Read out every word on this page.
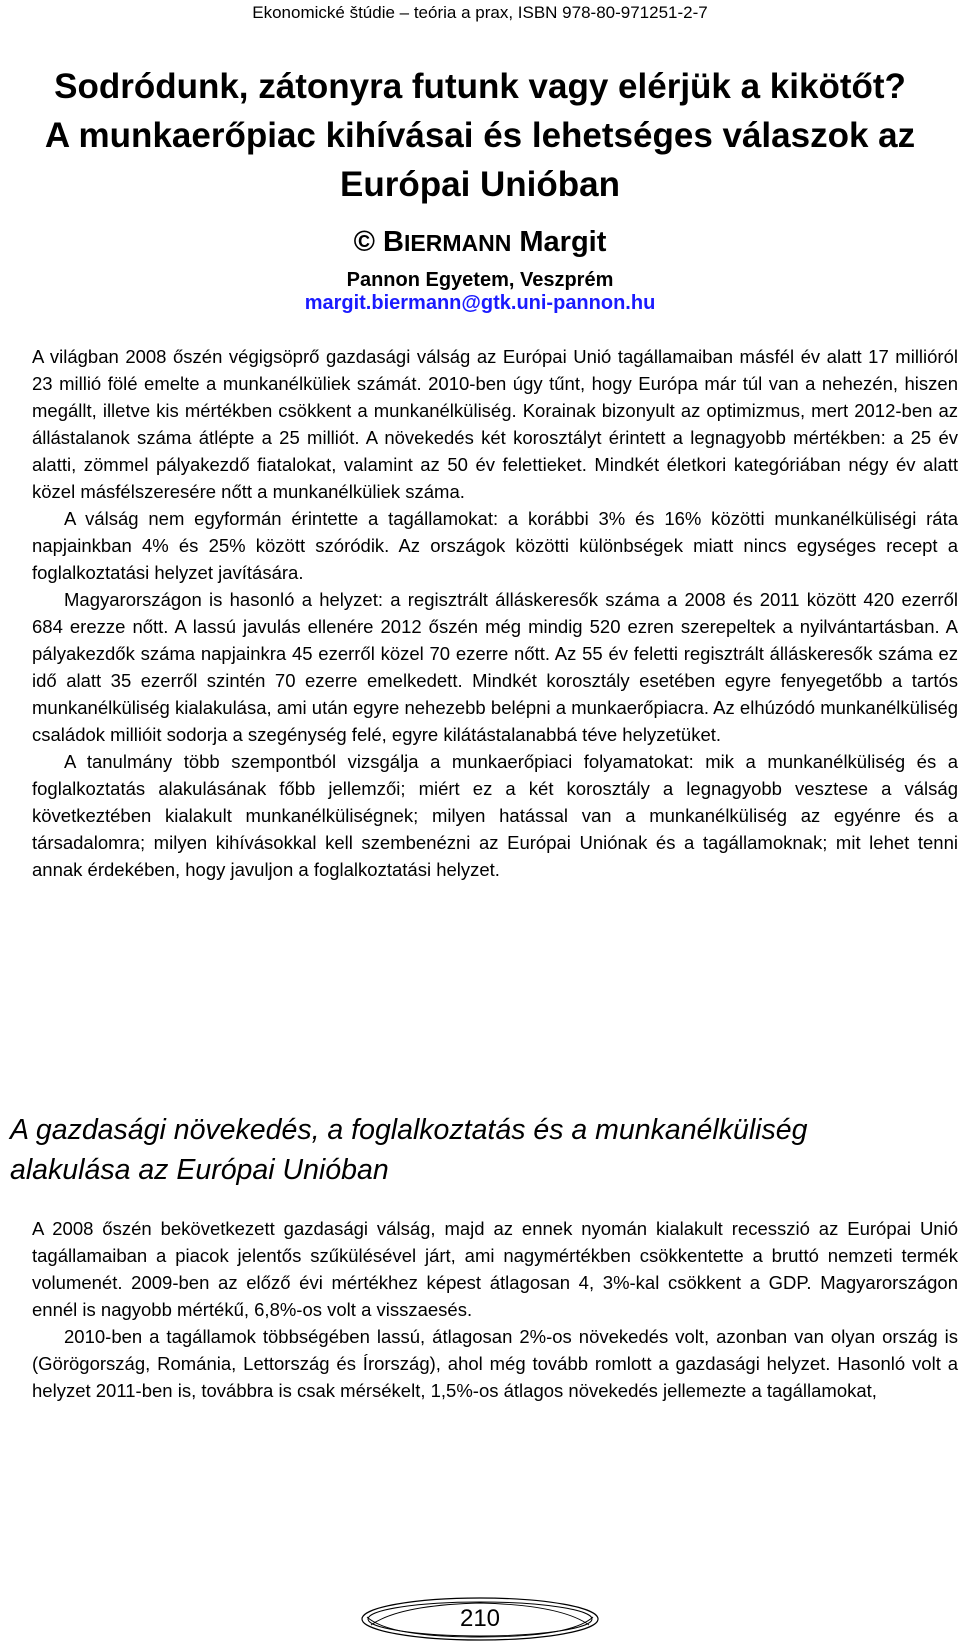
Ekonomické štúdie – teória a prax, ISBN 978-80-971251-2-7
Sodródunk, zátonyra futunk vagy elérjük a kikötőt?
A munkaerőpiac kihívásai és lehetséges válaszok az
Európai Unióban
© BIERMANN Margit
Pannon Egyetem, Veszprém
margit.biermann@gtk.uni-pannon.hu

A világban 2008 őszén végigsöprő gazdasági válság az Európai Unió tagállamaiban másfél év alatt 17 millióról 23 millió fölé emelte a munkanélküliek számát. 2010-ben úgy tűnt, hogy Európa már túl van a nehezén, hiszen megállt, illetve kis mértékben csökkent a munkanélküliség. Korainak bizonyult az optimizmus, mert 2012-ben az állástalanok száma átlépte a 25 milliót. A növekedés két korosztályt érintett a legnagyobb mértékben: a 25 év alatti, zömmel pályakezdő fiatalokat, valamint az 50 év felettieket. Mindkét életkori kategóriában négy év alatt közel másfélszeresére nőtt a munkanélküliek száma.

A válság nem egyformán érintette a tagállamokat: a korábbi 3% és 16% közötti munkanélküliségi ráta napjainkban 4% és 25% között szóródik. Az országok közötti különbségek miatt nincs egységes recept a foglalkoztatási helyzet javítására.

Magyarországon is hasonló a helyzet: a regisztrált álláskeresők száma a 2008 és 2011 között 420 ezerről 684 erezze nőtt. A lassú javulás ellenére 2012 őszén még mindig 520 ezren szerepeltek a nyilvántartásban. A pályakezdők száma napjainkra 45 ezerről közel 70 ezerre nőtt. Az 55 év feletti regisztrált álláskeresők száma ez idő alatt 35 ezerről szintén 70 ezerre emelkedett. Mindkét korosztály esetében egyre fenyegetőbb a tartós munkanélküliség kialakulása, ami után egyre nehezebb belépni a munkaerőpiacra. Az elhúzódó munkanélküliség családok millióit sodorja a szegénység felé, egyre kilátástalanabbá téve helyzetüket.

A tanulmány több szempontból vizsgálja a munkaerőpiaci folyamatokat: mik a munkanélküliség és a foglalkoztatás alakulásának főbb jellemzői; miért ez a két korosztály a legnagyobb vesztese a válság következtében kialakult munkanélküliségnek; milyen hatással van a munkanélküliség az egyénre és a társadalomra; milyen kihívásokkal kell szembenézni az Európai Uniónak és a tagállamoknak; mit lehet tenni annak érdekében, hogy javuljon a foglalkoztatási helyzet.

A gazdasági növekedés, a foglalkoztatás és a munkanélküliség
alakulása az Európai Unióban

A 2008 őszén bekövetkezett gazdasági válság, majd az ennek nyomán kialakult recesszió az Európai Unió tagállamaiban a piacok jelentős szűkülésével járt, ami nagymértékben csökkentette a bruttó nemzeti termék volumenét. 2009-ben az előző évi mértékhez képest átlagosan 4, 3%-kal csökkent a GDP. Magyarországon ennél is nagyobb mértékű, 6,8%-os volt a visszaesés.

2010-ben a tagállamok többségében lassú, átlagosan 2%-os növekedés volt, azonban van olyan ország is (Görögország, Románia, Lettország és Írország), ahol még tovább romlott a gazdasági helyzet. Hasonló volt a helyzet 2011-ben is, továbbra is csak mérsékelt, 1,5%-os átlagos növekedés jellemezte a tagállamokat,

210
